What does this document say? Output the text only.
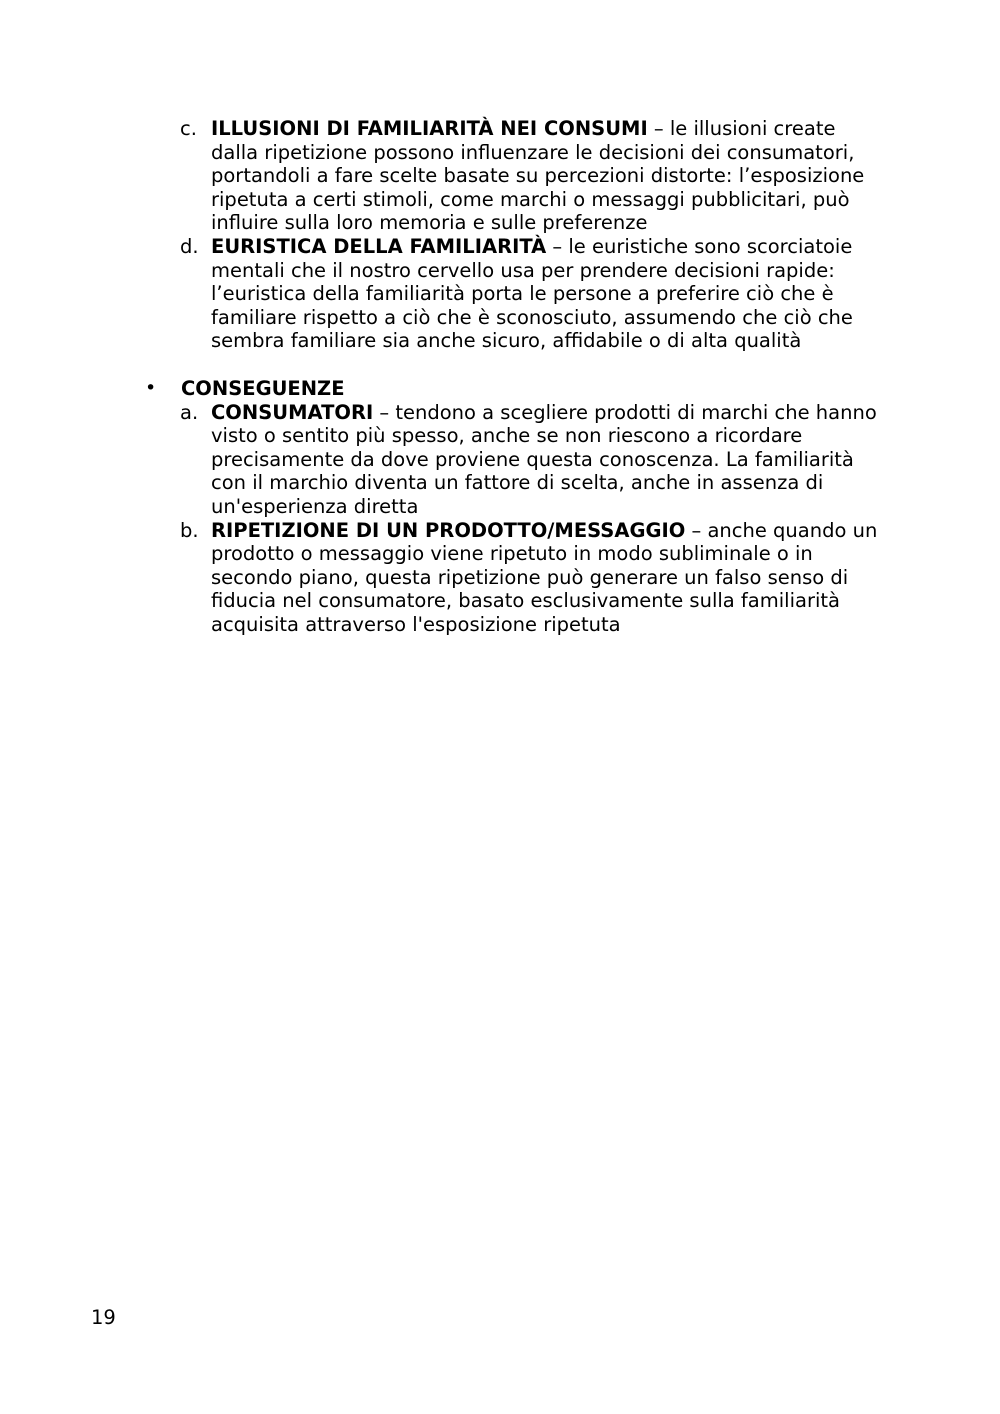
c. ILLUSIONI DI FAMILIARITÀ NEI CONSUMI – le illusioni create
dalla ripetizione possono influenzare le decisioni dei consumatori,
portandoli a fare scelte basate su percezioni distorte: l’esposizione
ripetuta a certi stimoli, come marchi o messaggi pubblicitari, può
influire sulla loro memoria e sulle preferenze
d. EURISTICA DELLA FAMILIARITÀ – le euristiche sono scorciatoie
mentali che il nostro cervello usa per prendere decisioni rapide:
l’euristica della familiarità porta le persone a preferire ciò che è
familiare rispetto a ciò che è sconosciuto, assumendo che ciò che
sembra familiare sia anche sicuro, affidabile o di alta qualità
• CONSEGUENZE
a. CONSUMATORI – tendono a scegliere prodotti di marchi che hanno
visto o sentito più spesso, anche se non riescono a ricordare
precisamente da dove proviene questa conoscenza. La familiarità
con il marchio diventa un fattore di scelta, anche in assenza di
un'esperienza diretta
b. RIPETIZIONE DI UN PRODOTTO/MESSAGGIO – anche quando un
prodotto o messaggio viene ripetuto in modo subliminale o in
secondo piano, questa ripetizione può generare un falso senso di
fiducia nel consumatore, basato esclusivamente sulla familiarità
acquisita attraverso l'esposizione ripetuta
19
